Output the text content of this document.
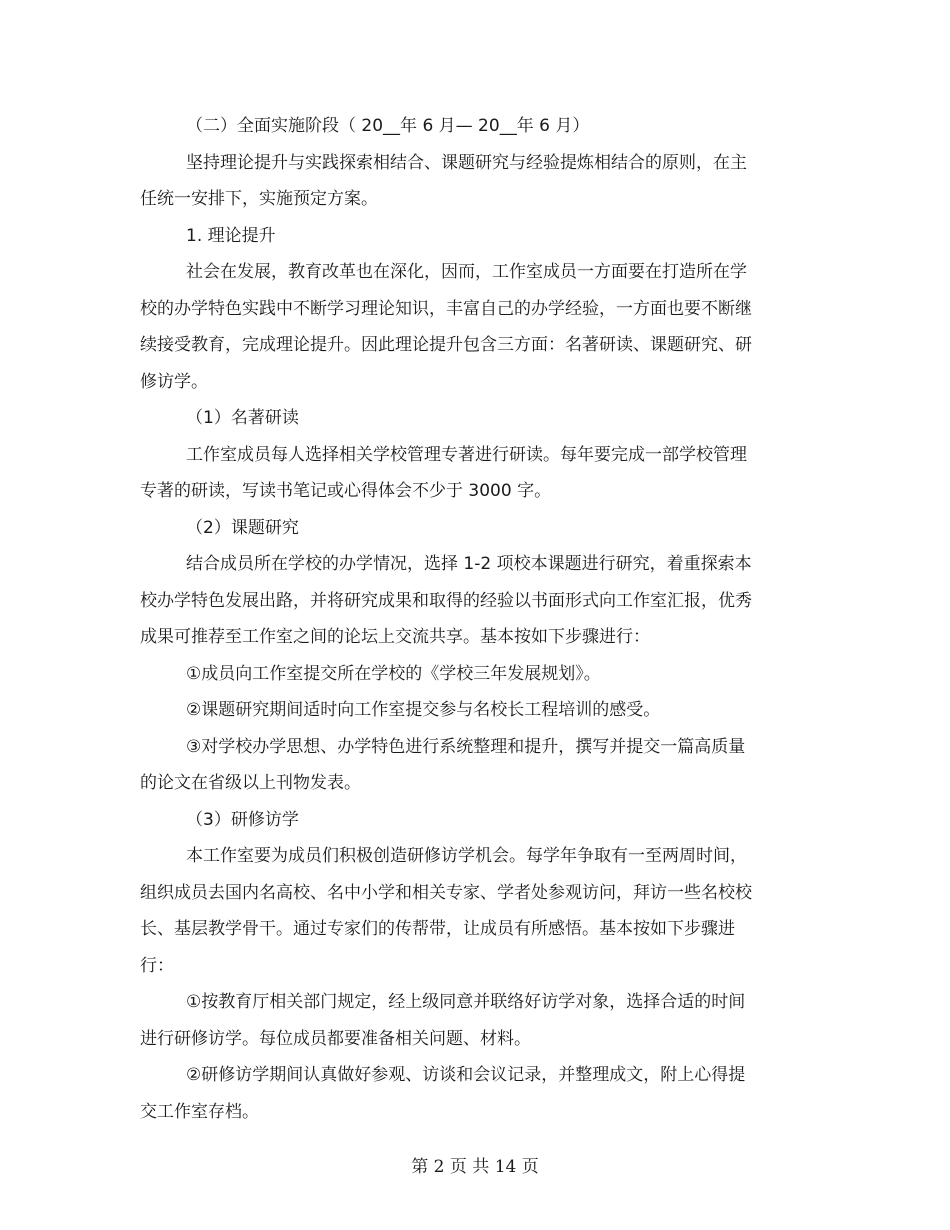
（二）全面实施阶段（ 20__年 6 月— 20__年 6 月）
坚持理论提升与实践探索相结合、课题研究与经验提炼相结合的原则，在主
任统一安排下，实施预定方案。
1. 理论提升
社会在发展，教育改革也在深化，因而，工作室成员一方面要在打造所在学
校的办学特色实践中不断学习理论知识，丰富自己的办学经验，一方面也要不断继
续接受教育，完成理论提升。因此理论提升包含三方面：名著研读、课题研究、研
修访学。
（1）名著研读
工作室成员每人选择相关学校管理专著进行研读。每年要完成一部学校管理
专著的研读，写读书笔记或心得体会不少于 3000 字。
（2）课题研究
结合成员所在学校的办学情况，选择 1-2 项校本课题进行研究，着重探索本
校办学特色发展出路，并将研究成果和取得的经验以书面形式向工作室汇报，优秀
成果可推荐至工作室之间的论坛上交流共享。基本按如下步骤进行：
①成员向工作室提交所在学校的《学校三年发展规划》。
②课题研究期间适时向工作室提交参与名校长工程培训的感受。
③对学校办学思想、办学特色进行系统整理和提升，撰写并提交一篇高质量
的论文在省级以上刊物发表。
（3）研修访学
本工作室要为成员们积极创造研修访学机会。每学年争取有一至两周时间，
组织成员去国内名高校、名中小学和相关专家、学者处参观访问，拜访一些名校校
长、基层教学骨干。通过专家们的传帮带，让成员有所感悟。基本按如下步骤进
行：
①按教育厅相关部门规定，经上级同意并联络好访学对象，选择合适的时间
进行研修访学。每位成员都要准备相关问题、材料。
②研修访学期间认真做好参观、访谈和会议记录，并整理成文，附上心得提
交工作室存档。
第 2 页 共 14 页
